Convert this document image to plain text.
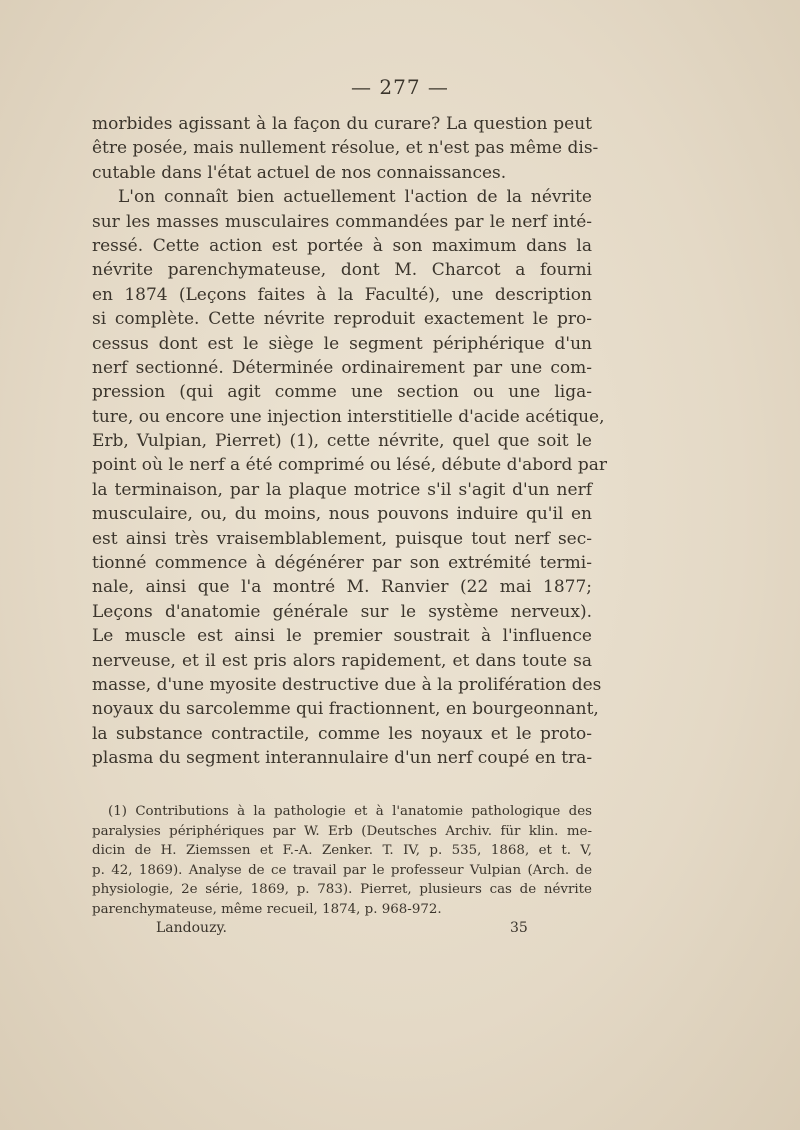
— 277 —
morbides agissant à la façon du curare? La question peut
être posée, mais nullement résolue, et n'est pas même dis-
cutable dans l'état actuel de nos connaissances.
L'on connaît bien actuellement l'action de la névrite
sur les masses musculaires commandées par le nerf inté-
ressé. Cette action est portée à son maximum dans la
névrite parenchymateuse, dont M. Charcot a fourni
en 1874 (Leçons faites à la Faculté), une description
si complète. Cette névrite reproduit exactement le pro-
cessus dont est le siège le segment périphérique d'un
nerf sectionné. Déterminée ordinairement par une com-
pression (qui agit comme une section ou une liga-
ture, ou encore une injection interstitielle d'acide acétique,
Erb, Vulpian, Pierret) (1), cette névrite, quel que soit le
point où le nerf a été comprimé ou lésé, débute d'abord par
la terminaison, par la plaque motrice s'il s'agit d'un nerf
musculaire, ou, du moins, nous pouvons induire qu'il en
est ainsi très vraisemblablement, puisque tout nerf sec-
tionné commence à dégénérer par son extrémité termi-
nale, ainsi que l'a montré M. Ranvier (22 mai 1877;
Leçons d'anatomie générale sur le système nerveux).
Le muscle est ainsi le premier soustrait à l'influence
nerveuse, et il est pris alors rapidement, et dans toute sa
masse, d'une myosite destructive due à la prolifération des
noyaux du sarcolemme qui fractionnent, en bourgeonnant,
la substance contractile, comme les noyaux et le proto-
plasma du segment interannulaire d'un nerf coupé en tra-
(1) Contributions à la pathologie et à l'anatomie pathologique des
paralysies périphériques par W. Erb (Deutsches Archiv. für klin. me-
dicin de H. Ziemssen et F.-A. Zenker. T. IV, p. 535, 1868, et t. V,
p. 42, 1869). Analyse de ce travail par le professeur Vulpian (Arch. de
physiologie, 2e série, 1869, p. 783). Pierret, plusieurs cas de névrite
parenchymateuse, même recueil, 1874, p. 968-972.
Landouzy.	35
